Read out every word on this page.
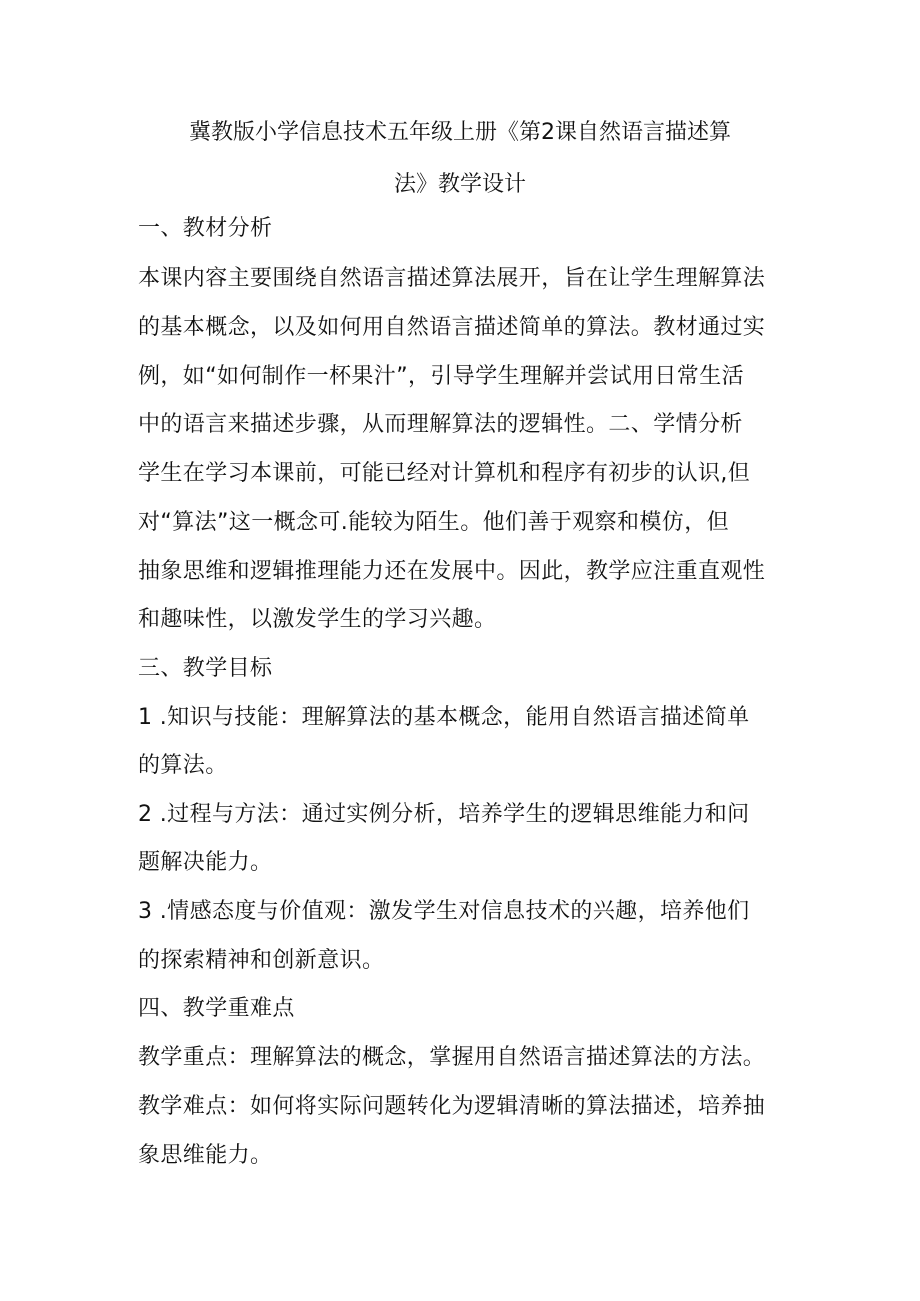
冀教版小学信息技术五年级上册《第2课自然语言描述算
法》教学设计
一、教材分析
本课内容主要围绕自然语言描述算法展开，旨在让学生理解算法
的基本概念，以及如何用自然语言描述简单的算法。教材通过实
例，如“如何制作一杯果汁”，引导学生理解并尝试用日常生活
中的语言来描述步骤，从而理解算法的逻辑性。二、学情分析
学生在学习本课前，可能已经对计算机和程序有初步的认识,但
对“算法”这一概念可.能较为陌生。他们善于观察和模仿，但
抽象思维和逻辑推理能力还在发展中。因此，教学应注重直观性
和趣味性，以激发学生的学习兴趣。
三、教学目标
1 .知识与技能：理解算法的基本概念，能用自然语言描述简单
的算法。
2 .过程与方法：通过实例分析，培养学生的逻辑思维能力和问
题解决能力。
3 .情感态度与价值观：激发学生对信息技术的兴趣，培养他们
的探索精神和创新意识。
四、教学重难点
教学重点：理解算法的概念，掌握用自然语言描述算法的方法。
教学难点：如何将实际问题转化为逻辑清晰的算法描述，培养抽
象思维能力。
